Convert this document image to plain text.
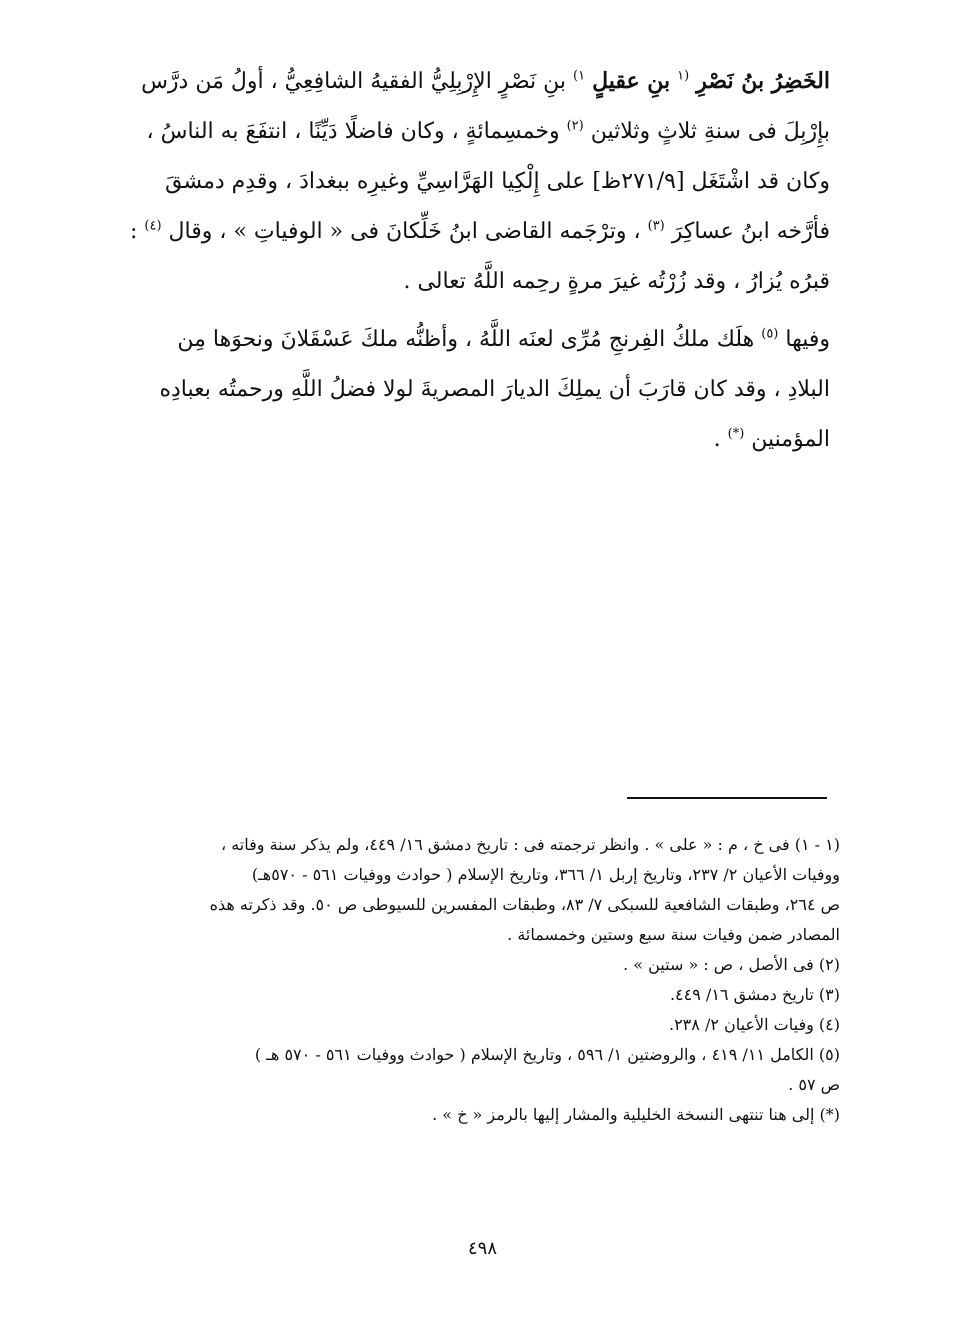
الخَضِرُ بنُ نَصْرِ $^{(١}$ بنِ عقيلٍ $^{١)}$ بنِ نَصْرٍ الإِرْبِلِيُّ الفقيهُ الشافِعِيُّ ، أولُ مَن درَّس
بإِرْبِلَ فى سنةِ ثلاثٍ وثلاثين $^{(٢)}$ وخمسِمائةٍ ، وكان فاضلًا دَيِّنًا ، انتفَعَ به الناسُ ،
وكان قد اشْتَغَل [٢٧١/٩ظ] على إِلْكِيا الهَرَّاسِيِّ وغيرِه ببغدادَ ، وقدِم دمشقَ
فأرَّخه ابنُ عساكِرَ $^{(٣)}$ ، وترْجَمه القاضى ابنُ خَلِّكانَ فى « الوفياتِ » ، وقال $^{(٤)}$ :
قبرُه يُزارُ ، وقد زُرْتُه غيرَ مرةٍ رحِمه اللَّهُ تعالى .

وفيها $^{(٥)}$ هلَك ملكُ الفِرنجِ مُرِّى لعنَه اللَّهُ ، وأظنُّه ملكَ عَسْقَلانَ ونحوَها مِن
البلادِ ، وقد كان قارَبَ أن يملِكَ الديارَ المصريةَ لولا فضلُ اللَّهِ ورحمتُه بعبادِه
المؤمنين (*) .

(١ - ١) فى خ ، م : « على » . وانظر ترجمته فى : تاريخ دمشق ١٦/ ٤٤٩، ولم يذكر سنة وفاته ،
ووفيات الأعيان ٢/ ٢٣٧، وتاريخ إربل ١/ ٣٦٦، وتاريخ الإسلام ( حوادث ووفيات ٥٦١ - ٥٧٠هـ)
ص ٢٦٤، وطبقات الشافعية للسبكى ٧/ ٨٣، وطبقات المفسرين للسيوطى ص ٥٠. وقد ذكرته هذه
المصادر ضمن وفيات سنة سبع وستين وخمسمائة .
(٢) فى الأصل ، ص : « ستين » .
(٣) تاريخ دمشق ١٦/ ٤٤٩.
(٤) وفيات الأعيان ٢/ ٢٣٨.
(٥) الكامل ١١/ ٤١٩ ، والروضتين ١/ ٥٩٦ ، وتاريخ الإسلام ( حوادث ووفيات ٥٦١ - ٥٧٠ هـ )
ص ٥٧ .
(*) إلى هنا تنتهى النسخة الخليلية والمشار إليها بالرمز « خ » .
٤٩٨
